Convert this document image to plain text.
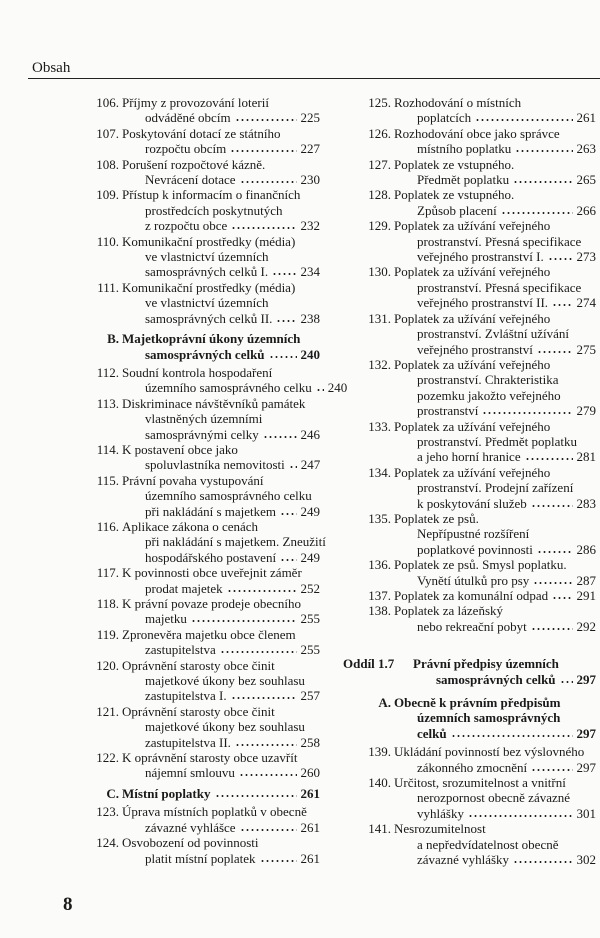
Obsah
106. Příjmy z provozování loterií
odváděné obcím	225
107. Poskytování dotací ze státního
rozpočtu obcím	227
108. Porušení rozpočtové kázně.
Nevrácení dotace	230
109. Přístup k informacím o finančních
prostředcích poskytnutých
z rozpočtu obce	232
110. Komunikační prostředky (média)
ve vlastnictví územních
samosprávných celků I. 234
111. Komunikační prostředky (média)
ve vlastnictví územních
samosprávných celků II. 238
B. Majetkoprávní úkony územních
samosprávných celků	240
112. Soudní kontrola hospodaření
územního samosprávného celku 240
113. Diskriminace návštěvníků památek
vlastněných územními
samosprávnými celky	246
114. K postavení obce jako
spoluvlastníka nemovitosti 247
115. Právní povaha vystupování
územního samosprávného celku
při nakládání s majetkem 249
116. Aplikace zákona o cenách
při nakládání s majetkem. Zneužití
hospodářského postavení 249
117. K povinnosti obce uveřejnit záměr
prodat majetek	252
118. K právní povaze prodeje obecního
majetku	255
119. Zpronevěra majetku obce členem
zastupitelstva	255
120. Oprávnění starosty obce činit
majetkové úkony bez souhlasu
zastupitelstva I.	257
121. Oprávnění starosty obce činit
majetkové úkony bez souhlasu
zastupitelstva II.	258
122. K oprávnění starosty obce uzavřít
nájemní smlouvu	260
C. Místní poplatky	261
123. Úprava místních poplatků v obecně
závazné vyhlášce	261
124. Osvobození od povinnosti
platit místní poplatek	261
125. Rozhodování o místních
poplatcích	261
126. Rozhodování obce jako správce
místního poplatku	263
127. Poplatek ze vstupného.
Předmět poplatku	265
128. Poplatek ze vstupného.
Způsob placení	266
129. Poplatek za užívání veřejného
prostranství. Přesná specifikace
veřejného prostranství I.	273
130. Poplatek za užívání veřejného
prostranství. Přesná specifikace
veřejného prostranství II. 274
131. Poplatek za užívání veřejného
prostranství. Zvláštní užívání
veřejného prostranství	275
132. Poplatek za užívání veřejného
prostranství. Chrakteristika
pozemku jakožto veřejného
prostranství	279
133. Poplatek za užívání veřejného
prostranství. Předmět poplatku
a jeho horní hranice	281
134. Poplatek za užívání veřejného
prostranství. Prodejní zařízení
k poskytování služeb	283
135. Poplatek ze psů.
Nepřípustné rozšíření
poplatkové povinnosti	286
136. Poplatek ze psů. Smysl poplatku.
Vynětí útulků pro psy	287
137. Poplatek za komunální odpad 291
138. Poplatek za lázeňský
nebo rekreační pobyt	292
Oddíl 1.7	Právní předpisy územních
samosprávných celků 297
A. Obecně k právním předpisům
územních samosprávných
celků	297
139. Ukládání povinností bez výslovného
zákonného zmocnění	297
140. Určitost, srozumitelnost a vnitřní
nerozpornost obecně závazné
vyhlášky	301
141. Nesrozumitelnost
a nepředvídatelnost obecně
závazné vyhlášky	302
8
